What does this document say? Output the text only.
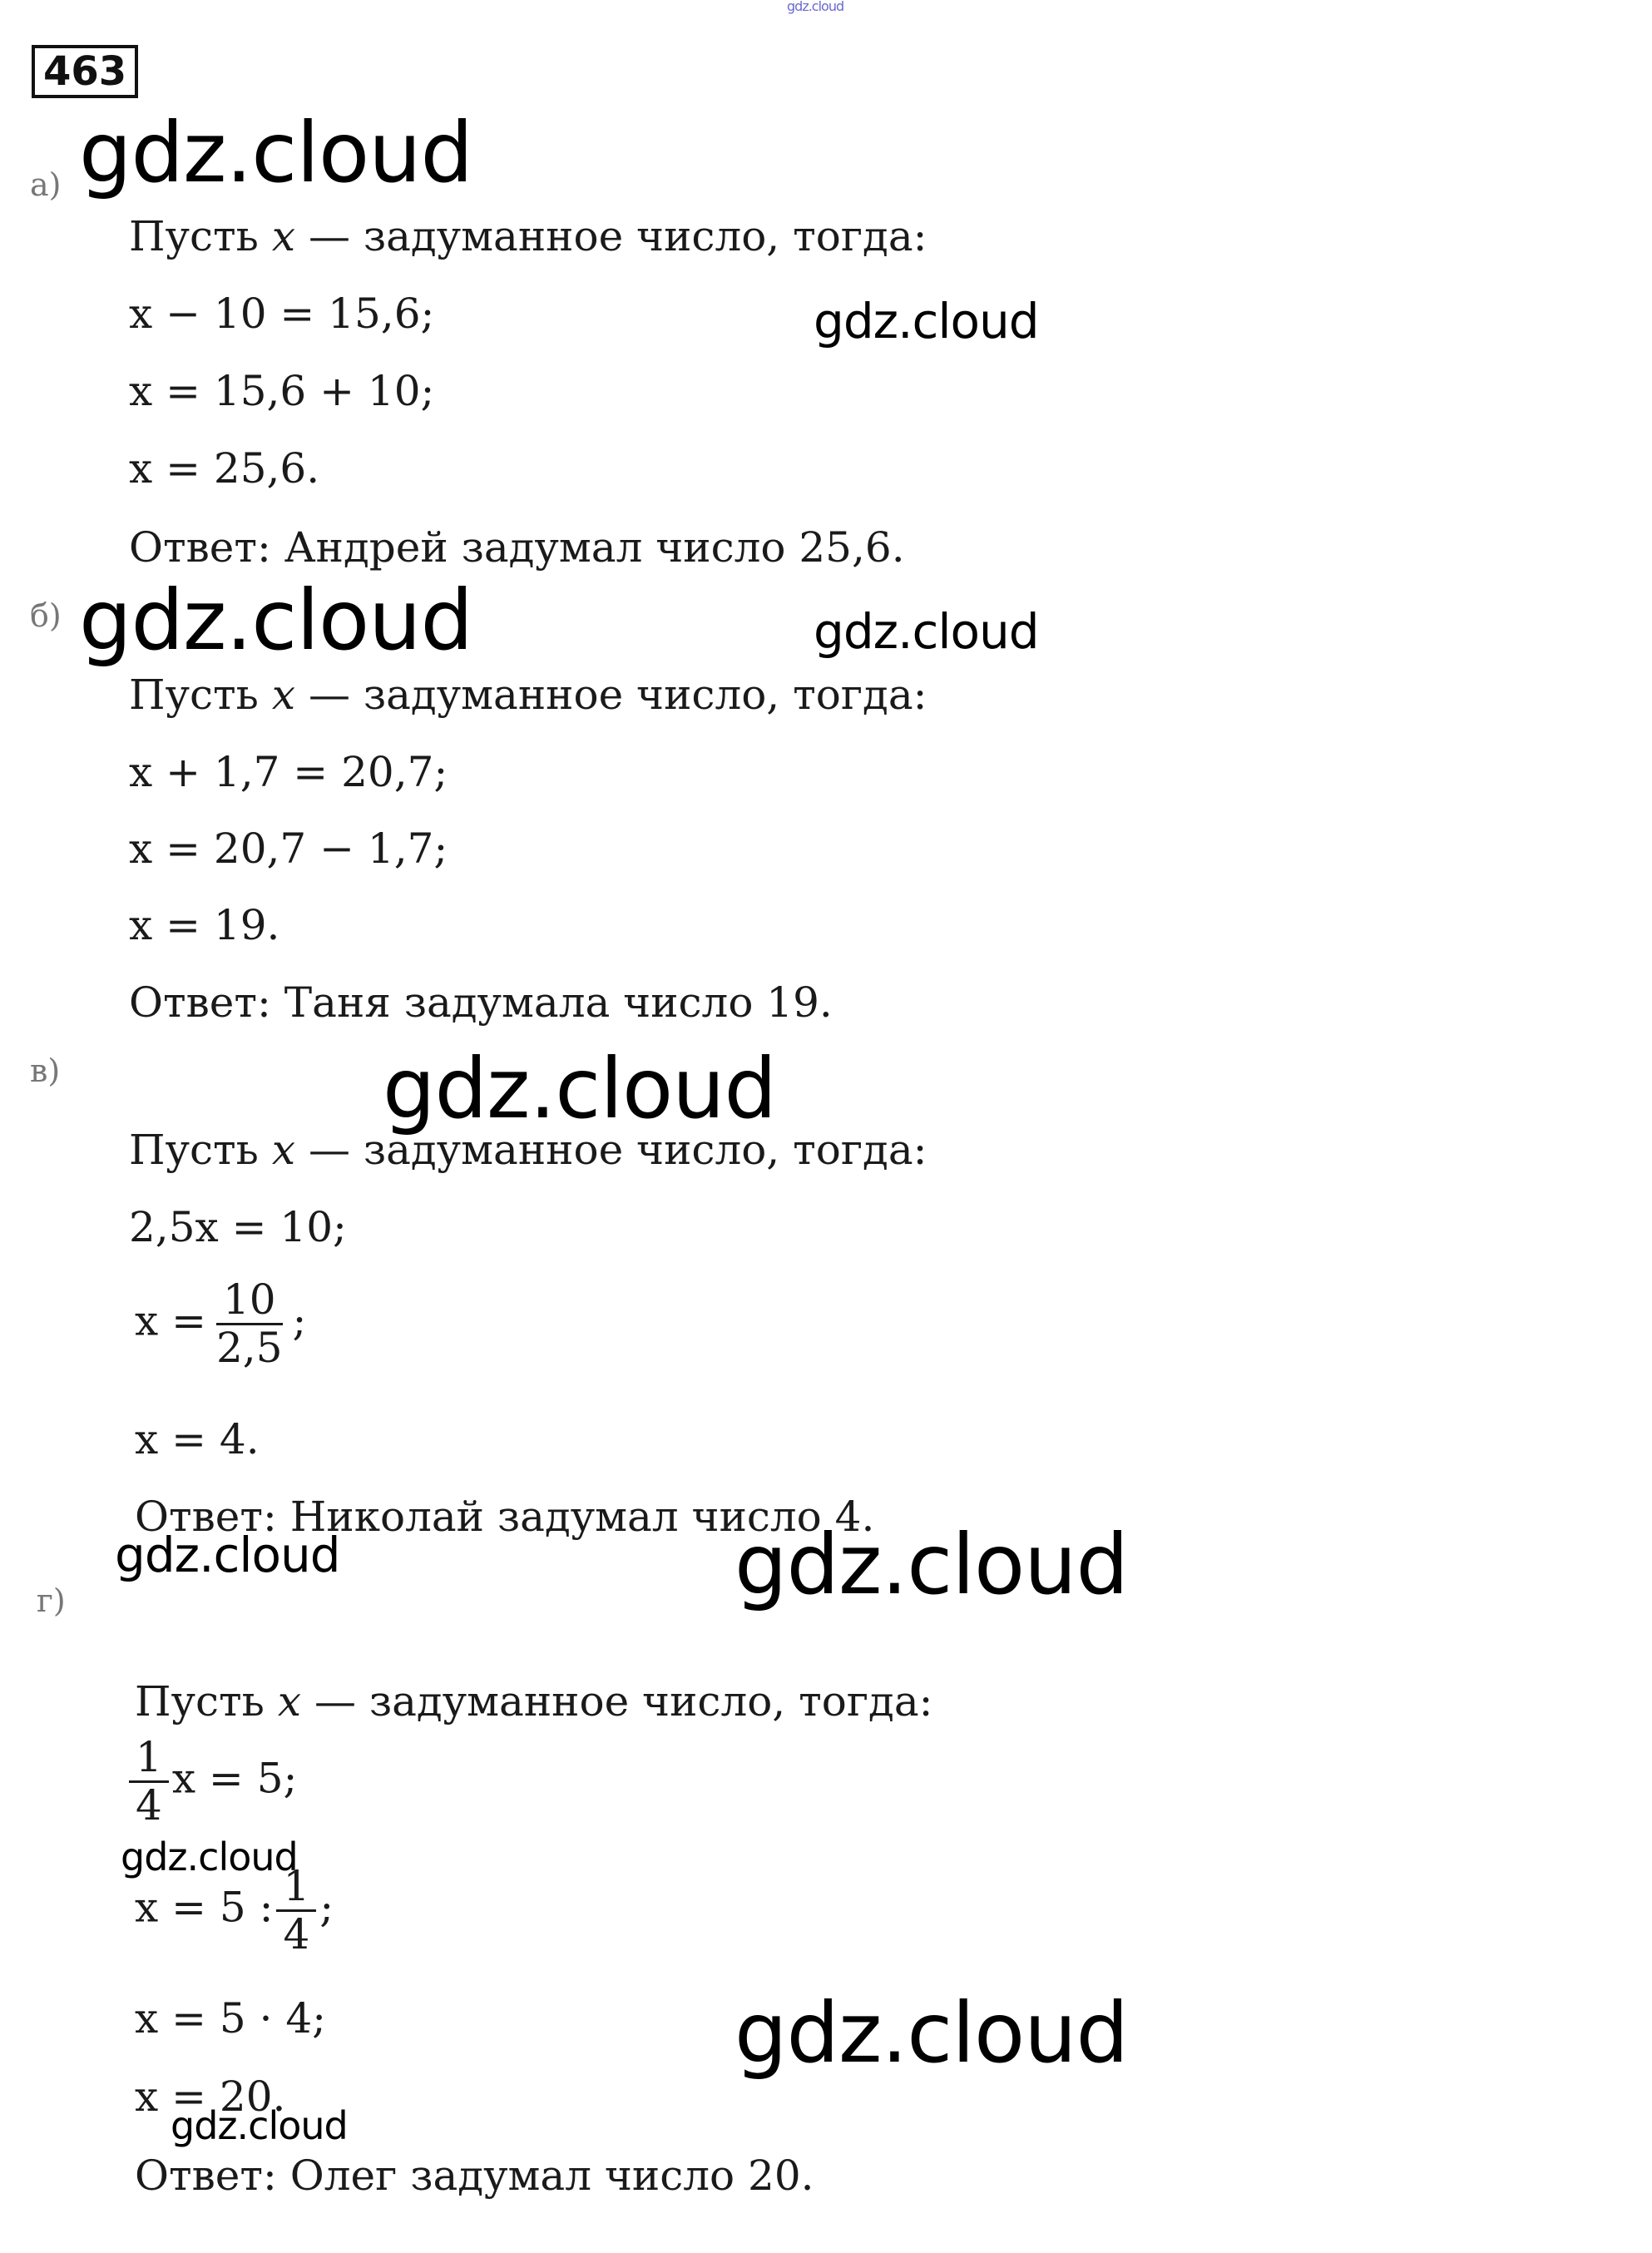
gdz.cloud
463
а)
Пусть x — задуманное число, тогда:
x − 10 = 15,6;
x = 15,6 + 10;
x = 25,6.
Ответ: Андрей задумал число 25,6.
б)
Пусть x — задуманное число, тогда:
x + 1,7 = 20,7;
x = 20,7 − 1,7;
x = 19.
Ответ: Таня задумала число 19.
в)
Пусть x — задуманное число, тогда:
2,5x = 10;
$x = \frac{10}{2,5}$ ;
x = 4.
Ответ: Николай задумал число 4.
г)
Пусть x — задуманное число, тогда:
$\frac{1}{4}$ x = 5;
x = 5 : $\frac{1}{4}$ ;
x = 5 · 4;
x = 20.
Ответ: Олег задумал число 20.
gdz.cloud
gdz.cloud
gdz.cloud	gdz.cloud
gdz.cloud
gdz.cloud	gdz.cloud
gdz.cloud
gdz.cloud
gdz.cloud
